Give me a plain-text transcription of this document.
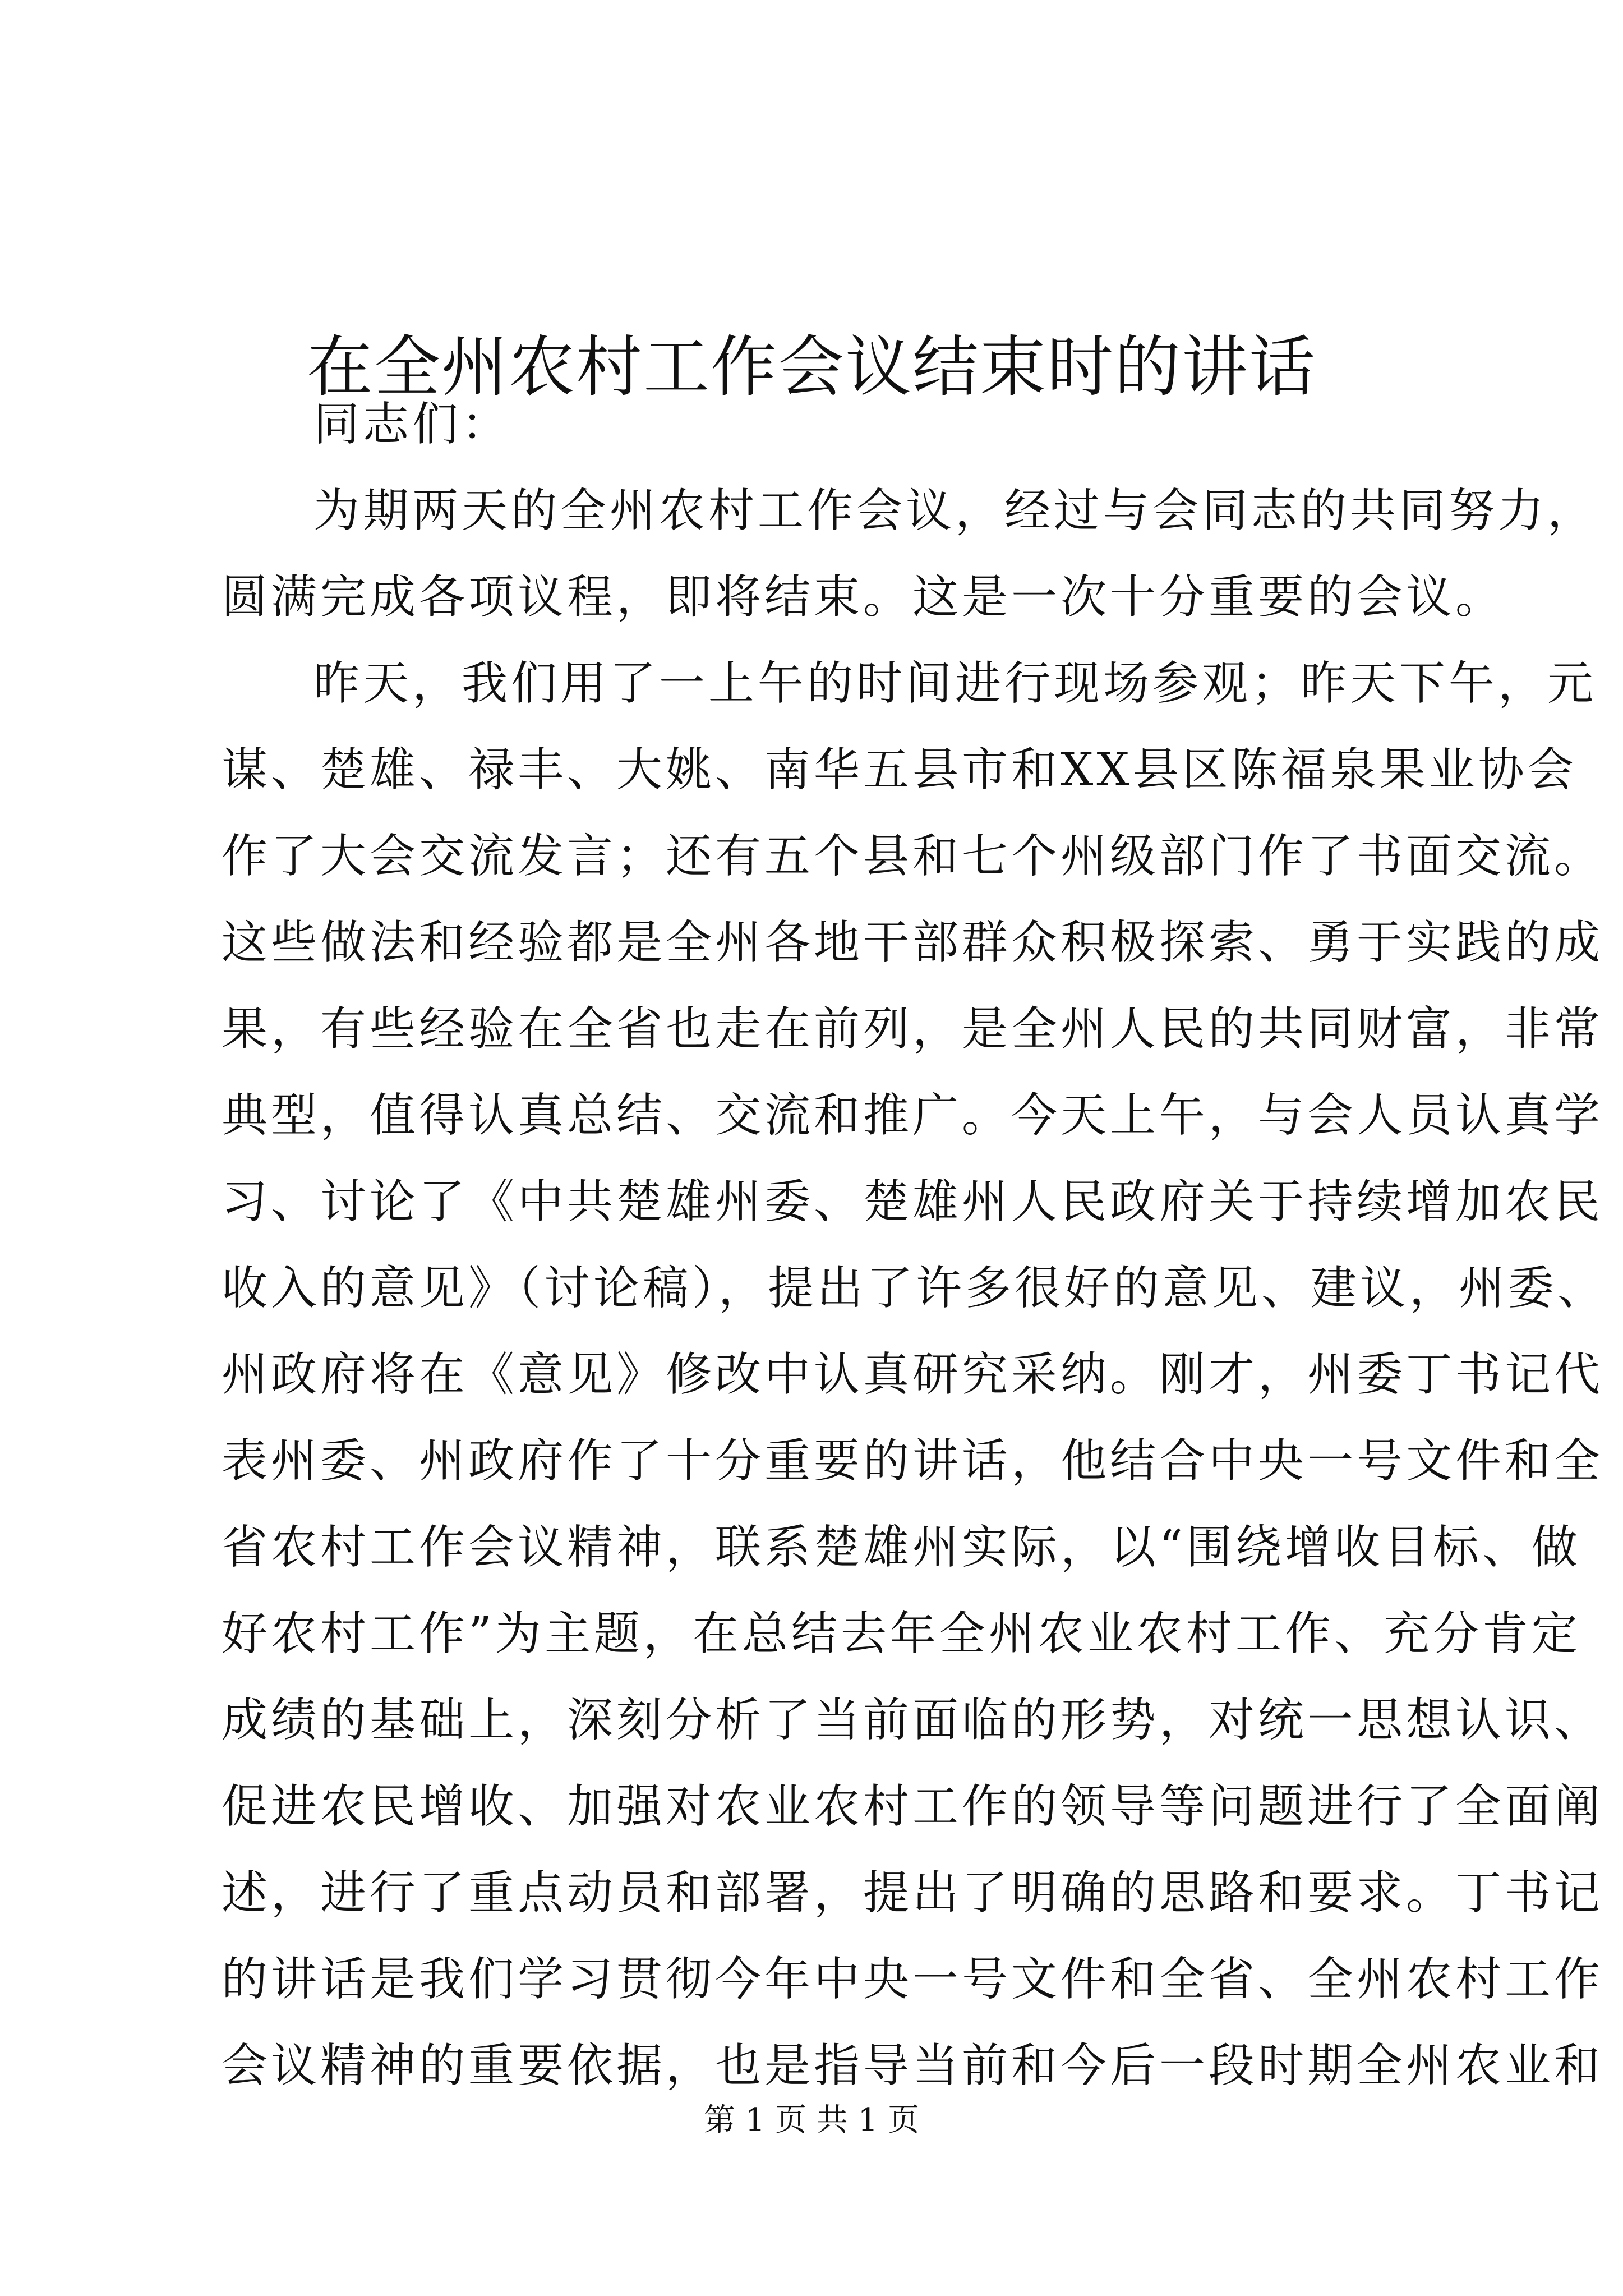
在全州农村工作会议结束时的讲话
同志们：
为期两天的全州农村工作会议，经过与会同志的共同努力，
圆满完成各项议程，即将结束。这是一次十分重要的会议。
昨天，我们用了一上午的时间进行现场参观；昨天下午，元
谋、楚雄、禄丰、大姚、南华五县市和XX县区陈福泉果业协会
作了大会交流发言；还有五个县和七个州级部门作了书面交流。
这些做法和经验都是全州各地干部群众积极探索、勇于实践的成
果，有些经验在全省也走在前列，是全州人民的共同财富，非常
典型，值得认真总结、交流和推广。今天上午，与会人员认真学
习、讨论了《中共楚雄州委、楚雄州人民政府关于持续增加农民
收入的意见》（讨论稿），提出了许多很好的意见、建议，州委、
州政府将在《意见》修改中认真研究采纳。刚才，州委丁书记代
表州委、州政府作了十分重要的讲话，他结合中央一号文件和全
省农村工作会议精神，联系楚雄州实际，以“围绕增收目标、做
好农村工作”为主题，在总结去年全州农业农村工作、充分肯定
成绩的基础上，深刻分析了当前面临的形势，对统一思想认识、
促进农民增收、加强对农业农村工作的领导等问题进行了全面阐
述，进行了重点动员和部署，提出了明确的思路和要求。丁书记
的讲话是我们学习贯彻今年中央一号文件和全省、全州农村工作
会议精神的重要依据，也是指导当前和今后一段时期全州农业和
第 1 页 共 1 页
